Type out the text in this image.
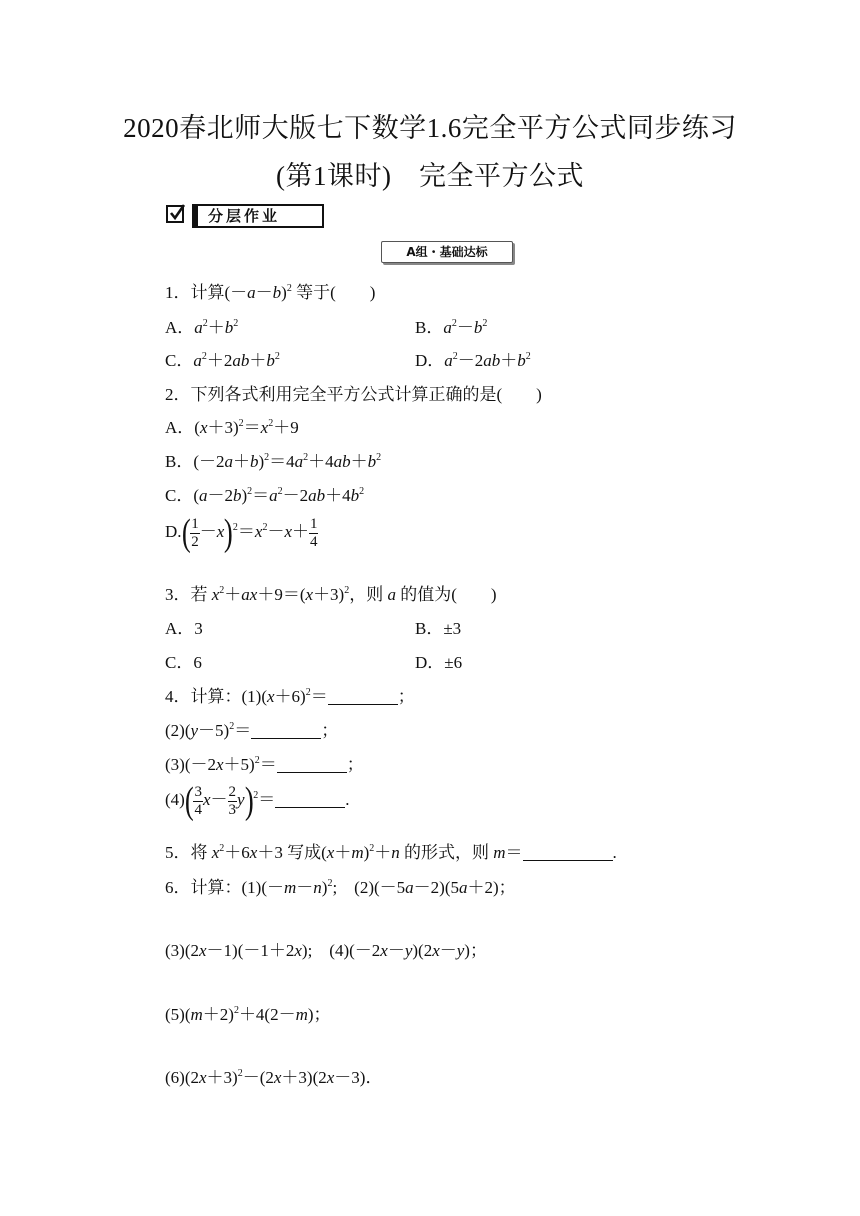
2020春北师大版七下数学1.6完全平方公式同步练习
(第1课时)　完全平方公式
分层作业
A组・基础达标
1．计算$(-a-b)^2$ 等于(　　)
A．$a^2+b^2$	B．$a^2-b^2$
C．$a^2+2ab+b^2$	D．$a^2-2ab+b^2$
2．下列各式利用完全平方公式计算正确的是(　　)
A．$(x+3)^2=x^2+9$
B．$(-2a+b)^2=4a^2+4ab+b^2$
C．$(a-2b)^2=a^2-2ab+4b^2$
$D.( \frac{1}{2} -x)^2=x^2-x+ \frac{1}{4}$
3．若 $x^2+ax+9=(x+3)^2$，则 a 的值为(　　)
A．3	B．±3
C．6	D．±6
4．计算：$(1)(x+6)^2=$	；
$(2)(y-5)^2=$	；
$(3)(-2x+5)^2=$	；
$(4)( \frac{3}{4} x- \frac{2}{3} y)^2=$	.
5．将 $x^2+6x+3$ 写成$(x+m)^2+n$ 的形式，则 m＝	.
6．计算：$(1)(-m-n)^2$;　(2)(－5a－2)(5a＋2)；
(3)(2x－1)(－1＋2x);　(4)(－2x－y)(2x－y)；
$(5)(m+2)^2+4(2-m)$；
$(6)(2x+3)^2-(2x+3)(2x-3)$．
